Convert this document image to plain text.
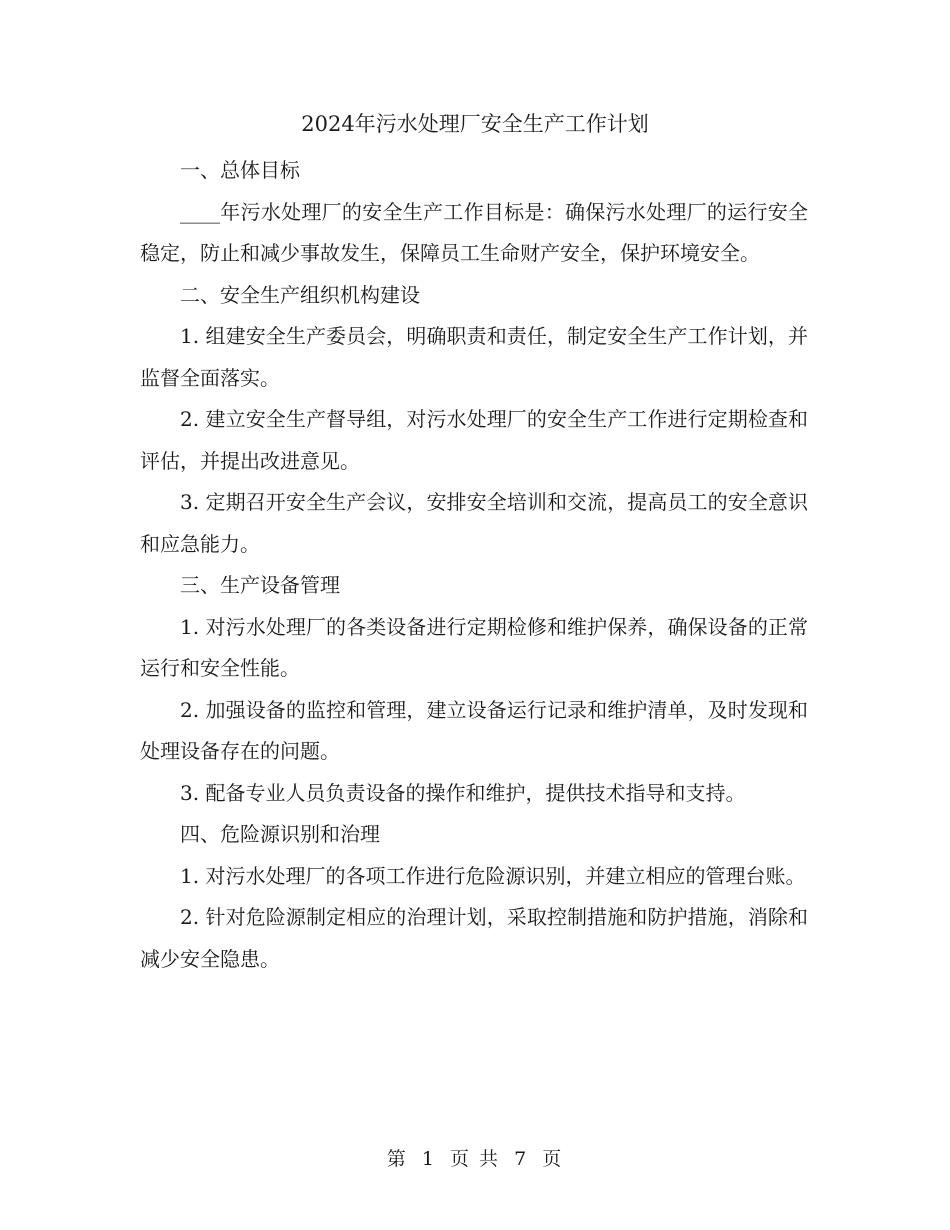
2024年污水处理厂安全生产工作计划

一、总体目标

____年污水处理厂的安全生产工作目标是：确保污水处理厂的运行安全稳定，防止和减少事故发生，保障员工生命财产安全，保护环境安全。

二、安全生产组织机构建设

1. 组建安全生产委员会，明确职责和责任，制定安全生产工作计划，并监督全面落实。

2. 建立安全生产督导组，对污水处理厂的安全生产工作进行定期检查和评估，并提出改进意见。

3. 定期召开安全生产会议，安排安全培训和交流，提高员工的安全意识和应急能力。

三、生产设备管理

1. 对污水处理厂的各类设备进行定期检修和维护保养，确保设备的正常运行和安全性能。

2. 加强设备的监控和管理，建立设备运行记录和维护清单，及时发现和处理设备存在的问题。

3. 配备专业人员负责设备的操作和维护，提供技术指导和支持。

四、危险源识别和治理

1. 对污水处理厂的各项工作进行危险源识别，并建立相应的管理台账。

2. 针对危险源制定相应的治理计划，采取控制措施和防护措施，消除和减少安全隐患。

第 1 页 共 7 页
